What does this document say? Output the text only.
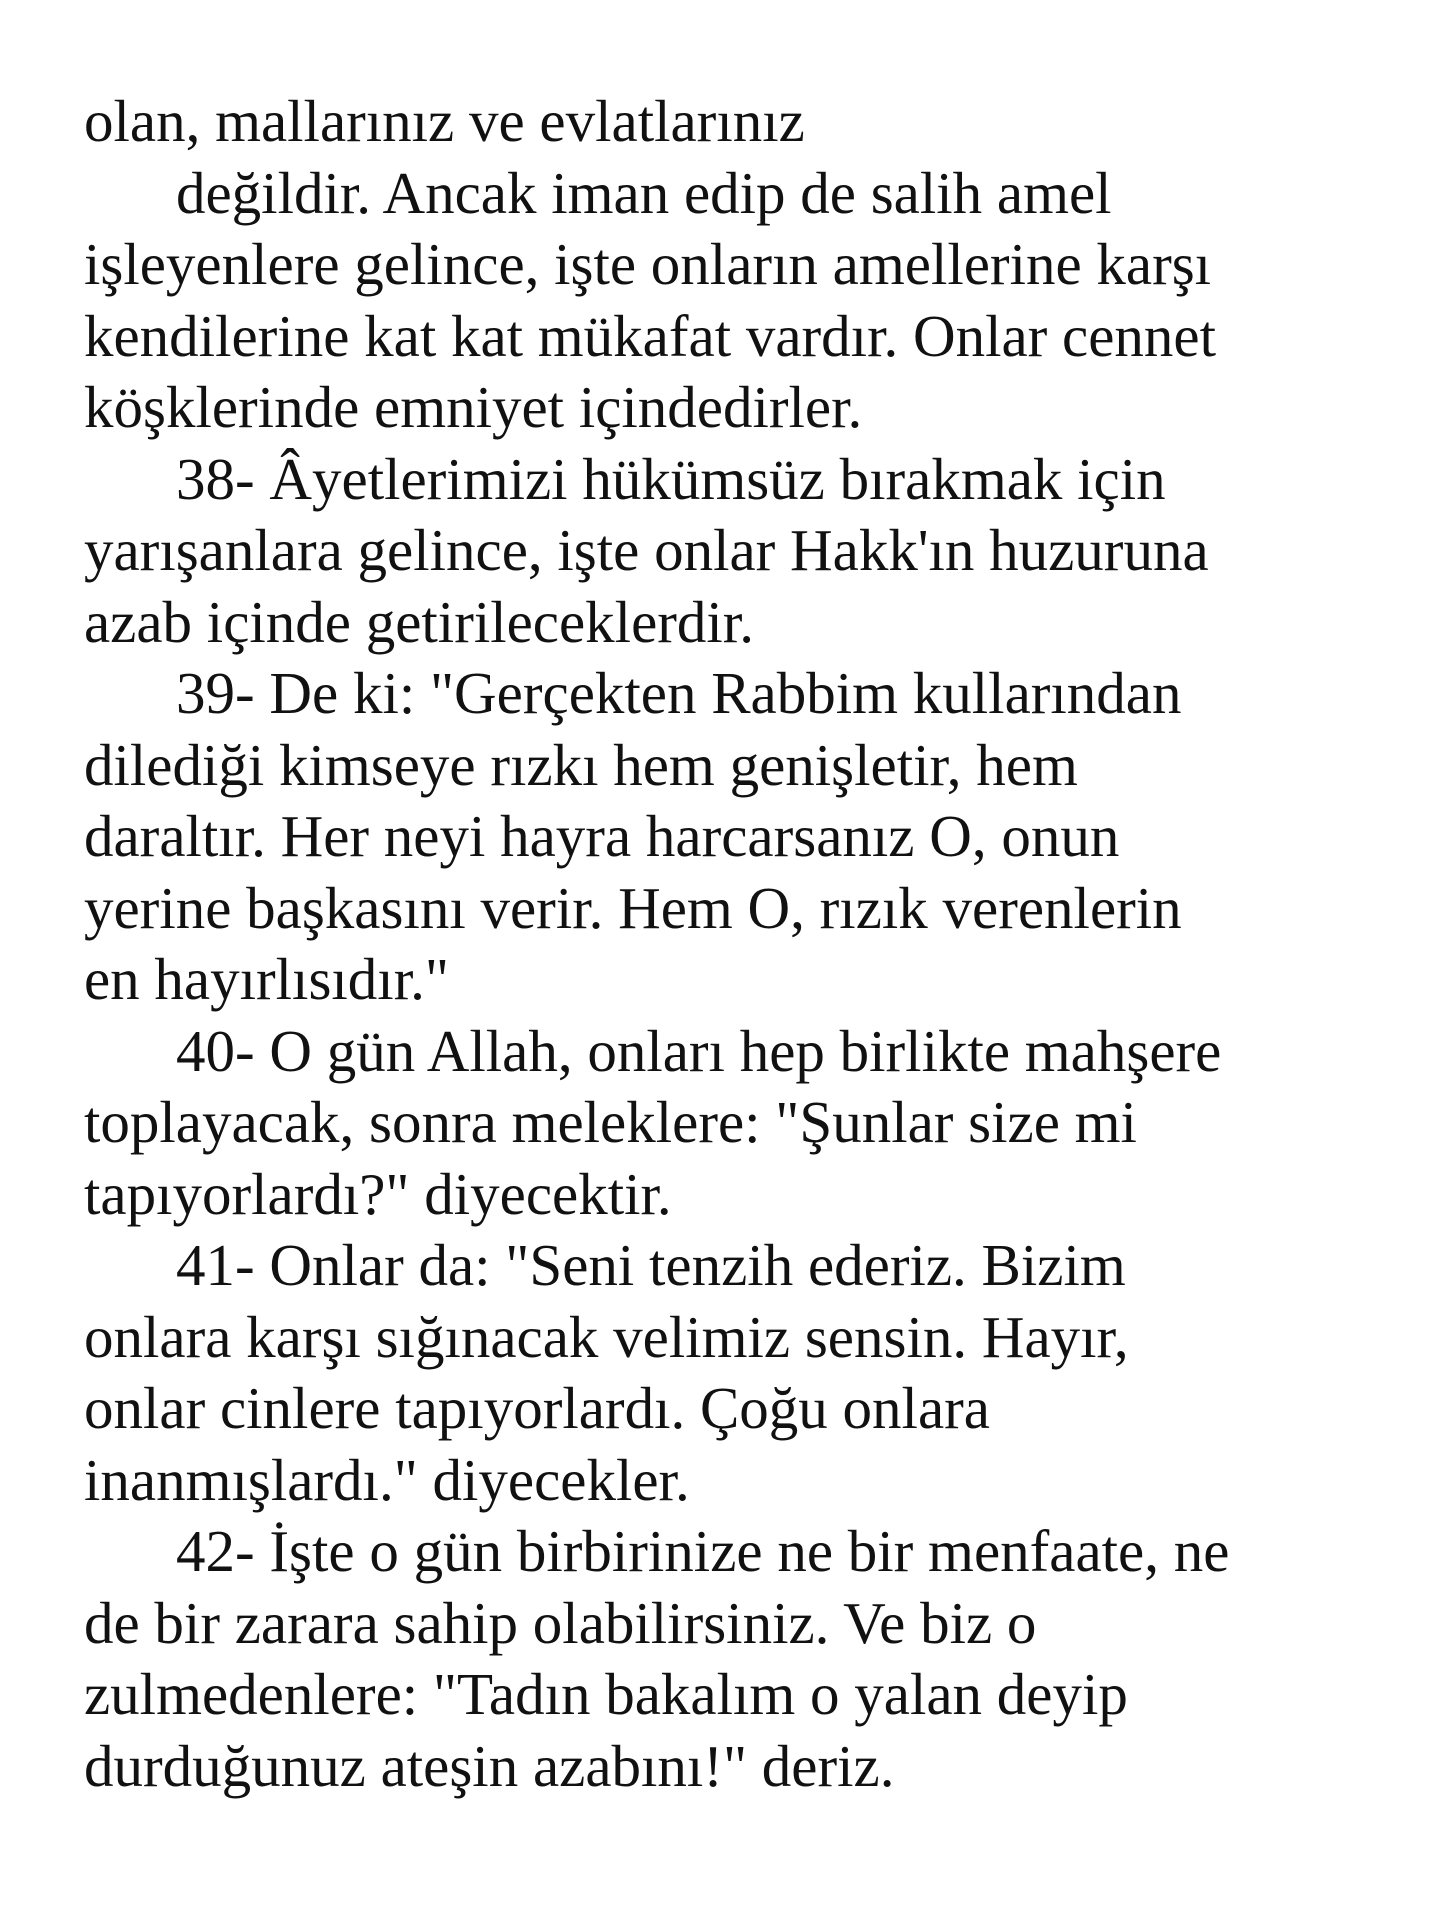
olan, mallarınız ve evlatlarınız
değildir. Ancak iman edip de salih amel
işleyenlere gelince, işte onların amellerine karşı
kendilerine kat kat mükafat vardır. Onlar cennet
köşklerinde emniyet içindedirler.
38- Âyetlerimizi hükümsüz bırakmak için
yarışanlara gelince, işte onlar Hakk'ın huzuruna
azab içinde getirileceklerdir.
39- De ki: "Gerçekten Rabbim kullarından
dilediği kimseye rızkı hem genişletir, hem
daraltır. Her neyi hayra harcarsanız O, onun
yerine başkasını verir. Hem O, rızık verenlerin
en hayırlısıdır."
40- O gün Allah, onları hep birlikte mahşere
toplayacak, sonra meleklere: "Şunlar size mi
tapıyorlardı?" diyecektir.
41- Onlar da: "Seni tenzih ederiz. Bizim
onlara karşı sığınacak velimiz sensin. Hayır,
onlar cinlere tapıyorlardı. Çoğu onlara
inanmışlardı." diyecekler.
42- İşte o gün birbirinize ne bir menfaate, ne
de bir zarara sahip olabilirsiniz. Ve biz o
zulmedenlere: "Tadın bakalım o yalan deyip
durduğunuz ateşin azabını!" deriz.
